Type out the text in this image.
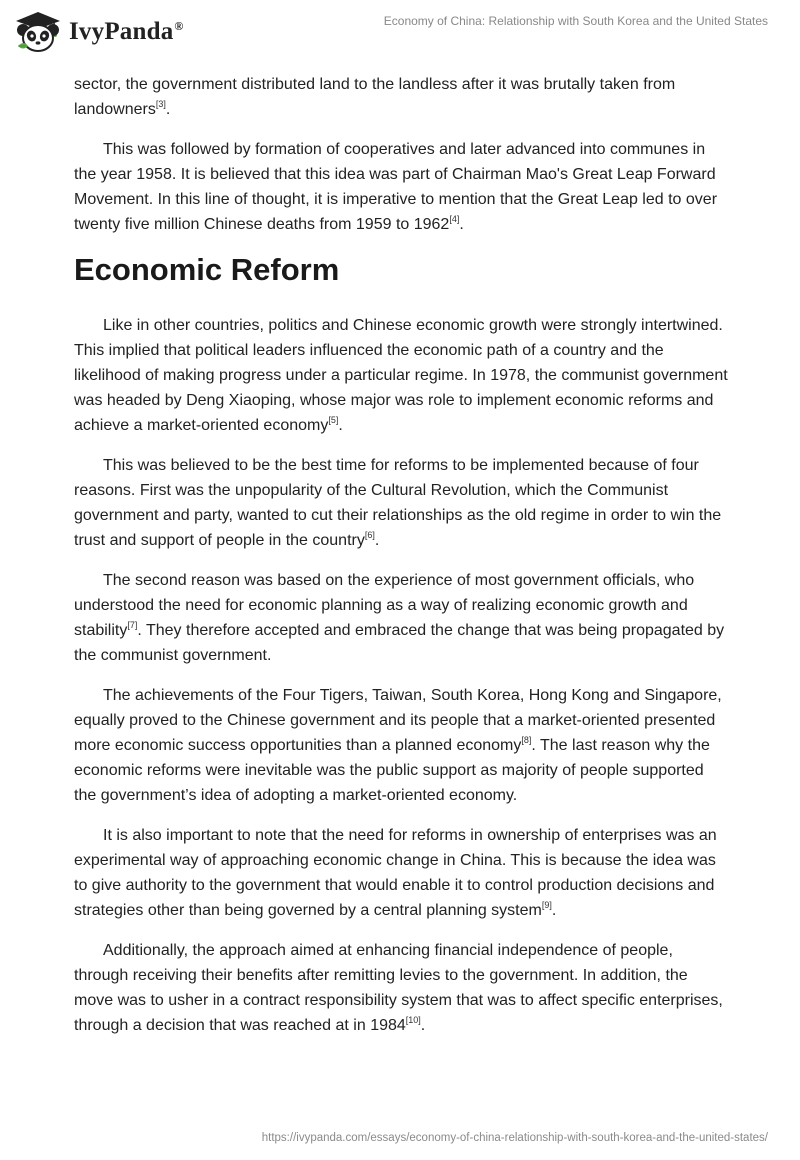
IvyPanda®	Economy of China: Relationship with South Korea and the United States

sector, the government distributed land to the landless after it was brutally taken from landowners[3].

This was followed by formation of cooperatives and later advanced into communes in the year 1958. It is believed that this idea was part of Chairman Mao's Great Leap Forward Movement. In this line of thought, it is imperative to mention that the Great Leap led to over twenty five million Chinese deaths from 1959 to 1962[4].

Economic Reform

Like in other countries, politics and Chinese economic growth were strongly intertwined. This implied that political leaders influenced the economic path of a country and the likelihood of making progress under a particular regime. In 1978, the communist government was headed by Deng Xiaoping, whose major was role to implement economic reforms and achieve a market-oriented economy[5].

This was believed to be the best time for reforms to be implemented because of four reasons. First was the unpopularity of the Cultural Revolution, which the Communist government and party, wanted to cut their relationships as the old regime in order to win the trust and support of people in the country[6].

The second reason was based on the experience of most government officials, who understood the need for economic planning as a way of realizing economic growth and stability[7]. They therefore accepted and embraced the change that was being propagated by the communist government.

The achievements of the Four Tigers, Taiwan, South Korea, Hong Kong and Singapore, equally proved to the Chinese government and its people that a market-oriented presented more economic success opportunities than a planned economy[8]. The last reason why the economic reforms were inevitable was the public support as majority of people supported the government’s idea of adopting a market-oriented economy.

It is also important to note that the need for reforms in ownership of enterprises was an experimental way of approaching economic change in China. This is because the idea was to give authority to the government that would enable it to control production decisions and strategies other than being governed by a central planning system[9].

Additionally, the approach aimed at enhancing financial independence of people, through receiving their benefits after remitting levies to the government. In addition, the move was to usher in a contract responsibility system that was to affect specific enterprises, through a decision that was reached at in 1984[10].

https://ivypanda.com/essays/economy-of-china-relationship-with-south-korea-and-the-united-states/
